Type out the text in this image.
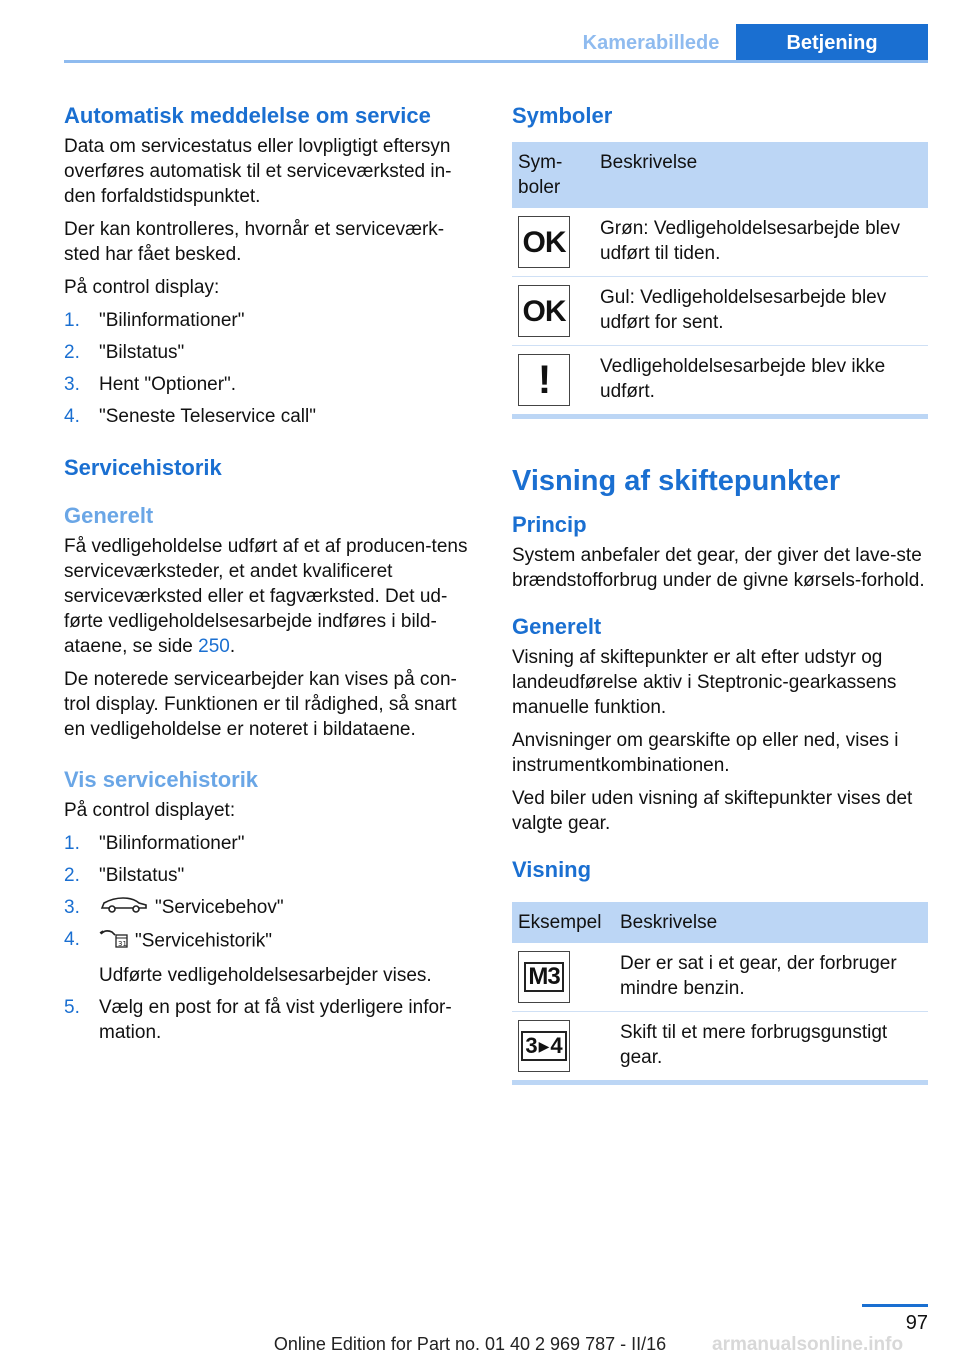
Kamerabillede	Betjening
Automatisk meddelelse om service

Data om servicestatus eller lovpligtigt eftersyn overføres automatisk til et serviceværksted in-den forfaldstidspunktet.

Der kan kontrolleres, hvornår et serviceværk-sted har fået besked.

På control display:

1. "Bilinformationer"
2. "Bilstatus"
3. Hent "Optioner".
4. "Seneste Teleservice call"
Servicehistorik
Generelt

Få vedligeholdelse udført af et af producen-tens serviceværksteder, et andet kvalificeret serviceværksted eller et fagværksted. Det ud-førte vedligeholdelsesarbejde indføres i bild-ataene, se side 250.

De noterede servicearbejder kan vises på con-trol display. Funktionen er til rådighed, så snart en vedligeholdelse er noteret i bildataene.

Vis servicehistorik

På control displayet:

1. "Bilinformationer"
2. "Bilstatus"
3.	"Servicebehov"
4.	31 "Servicehistorik"
Udførte vedligeholdelsesarbejder vises.
5. Vælg en post for at få vist yderligere infor-mation.
Symboler
Sym-boler	Beskrivelse

OK	Grøn: Vedligeholdelsesarbejde blev udført til tiden.

OK	Gul: Vedligeholdelsesarbejde blev udført for sent.

!	Vedligeholdelsesarbejde blev ikke udført.
Visning af skiftepunkter
Princip

System anbefaler det gear, der giver det lave-ste brændstofforbrug under de givne kørsels-forhold.

Generelt

Visning af skiftepunkter er alt efter udstyr og landeudførelse aktiv i Steptronic-gearkassens manuelle funktion.

Anvisninger om gearskifte op eller ned, vises i instrumentkombinationen.

Ved biler uden visning af skiftepunkter vises det valgte gear.

Visning
Eksempel	Beskrivelse

M3	Der er sat i et gear, der forbruger mindre benzin.

3 ▶ 4	Skift til et mere forbrugsgunstigt gear.
97
Online Edition for Part no. 01 40 2 969 787 - II/16	armanualsonline.info
